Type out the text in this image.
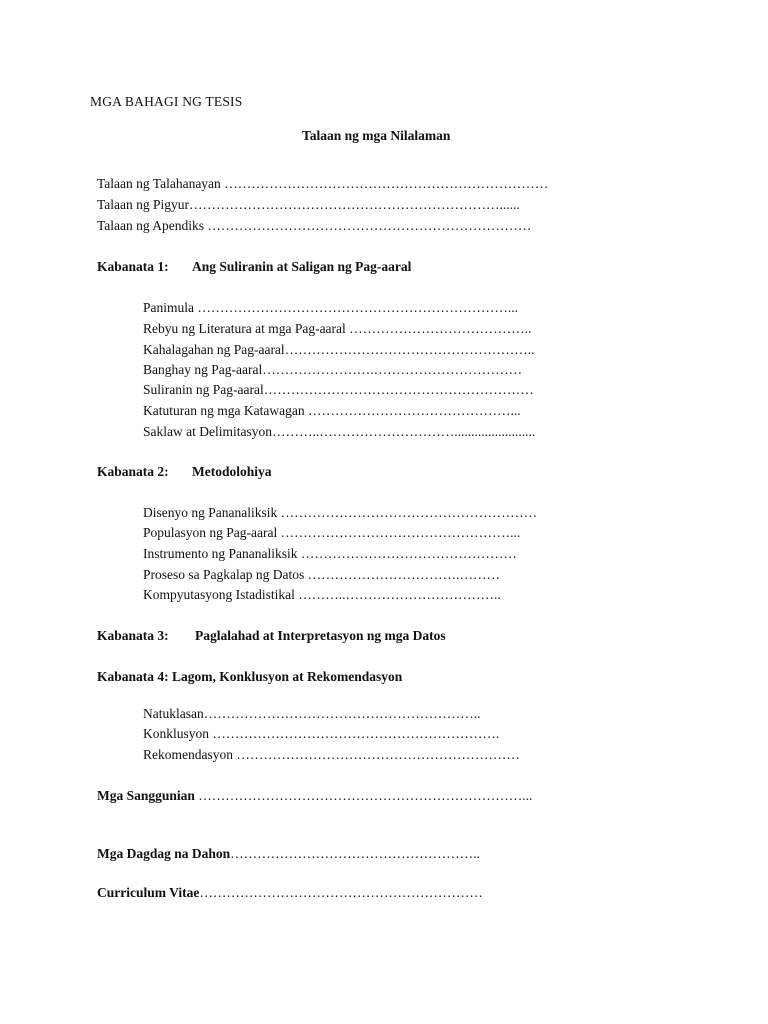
MGA BAHAGI NG TESIS
Talaan ng mga Nilalaman
Talaan ng Talahanayan ………………………………………………………………
Talaan ng Pigyur……………………………………………………………......
Talaan ng Apendiks ………………………………………………………………
Kabanata 1: Ang Suliranin at Saligan ng Pag-aaral
Panimula ……………………………………………………………...
Rebyu ng Literatura at mga Pag-aaral …………………………………..
Kahalagahan ng Pag-aaral………………………………………………..
Banghay ng Pag-aaral…………………….……………………………
Suliranin ng Pag-aaral……………………………………………………
Katuturan ng mga Katawagan ………………………………………...
Saklaw at Delimitasyon………..…………………………........................
Kabanata 2: Metodolohiya
Disenyo ng Pananaliksik …………………………………………………
Populasyon ng Pag-aaral ……………………………………………...
Instrumento ng Pananaliksik …………………………………………
Proseso sa Pagkalap ng Datos …………………………….………
Kompyutasyong Istadistikal ………..……………………………..
Kabanata 3: Paglalahad at Interpretasyon ng mga Datos
Kabanata 4: Lagom, Konklusyon at Rekomendasyon
Natuklasan……………………………………………………..
Konklusyon ……………………………………………………….
Rekomendasyon ………………………………………………………
Mga Sanggunian ………………………………………………………………...
Mga Dagdag na Dahon………………………………………………..
Curriculum Vitae………………………………………………………
